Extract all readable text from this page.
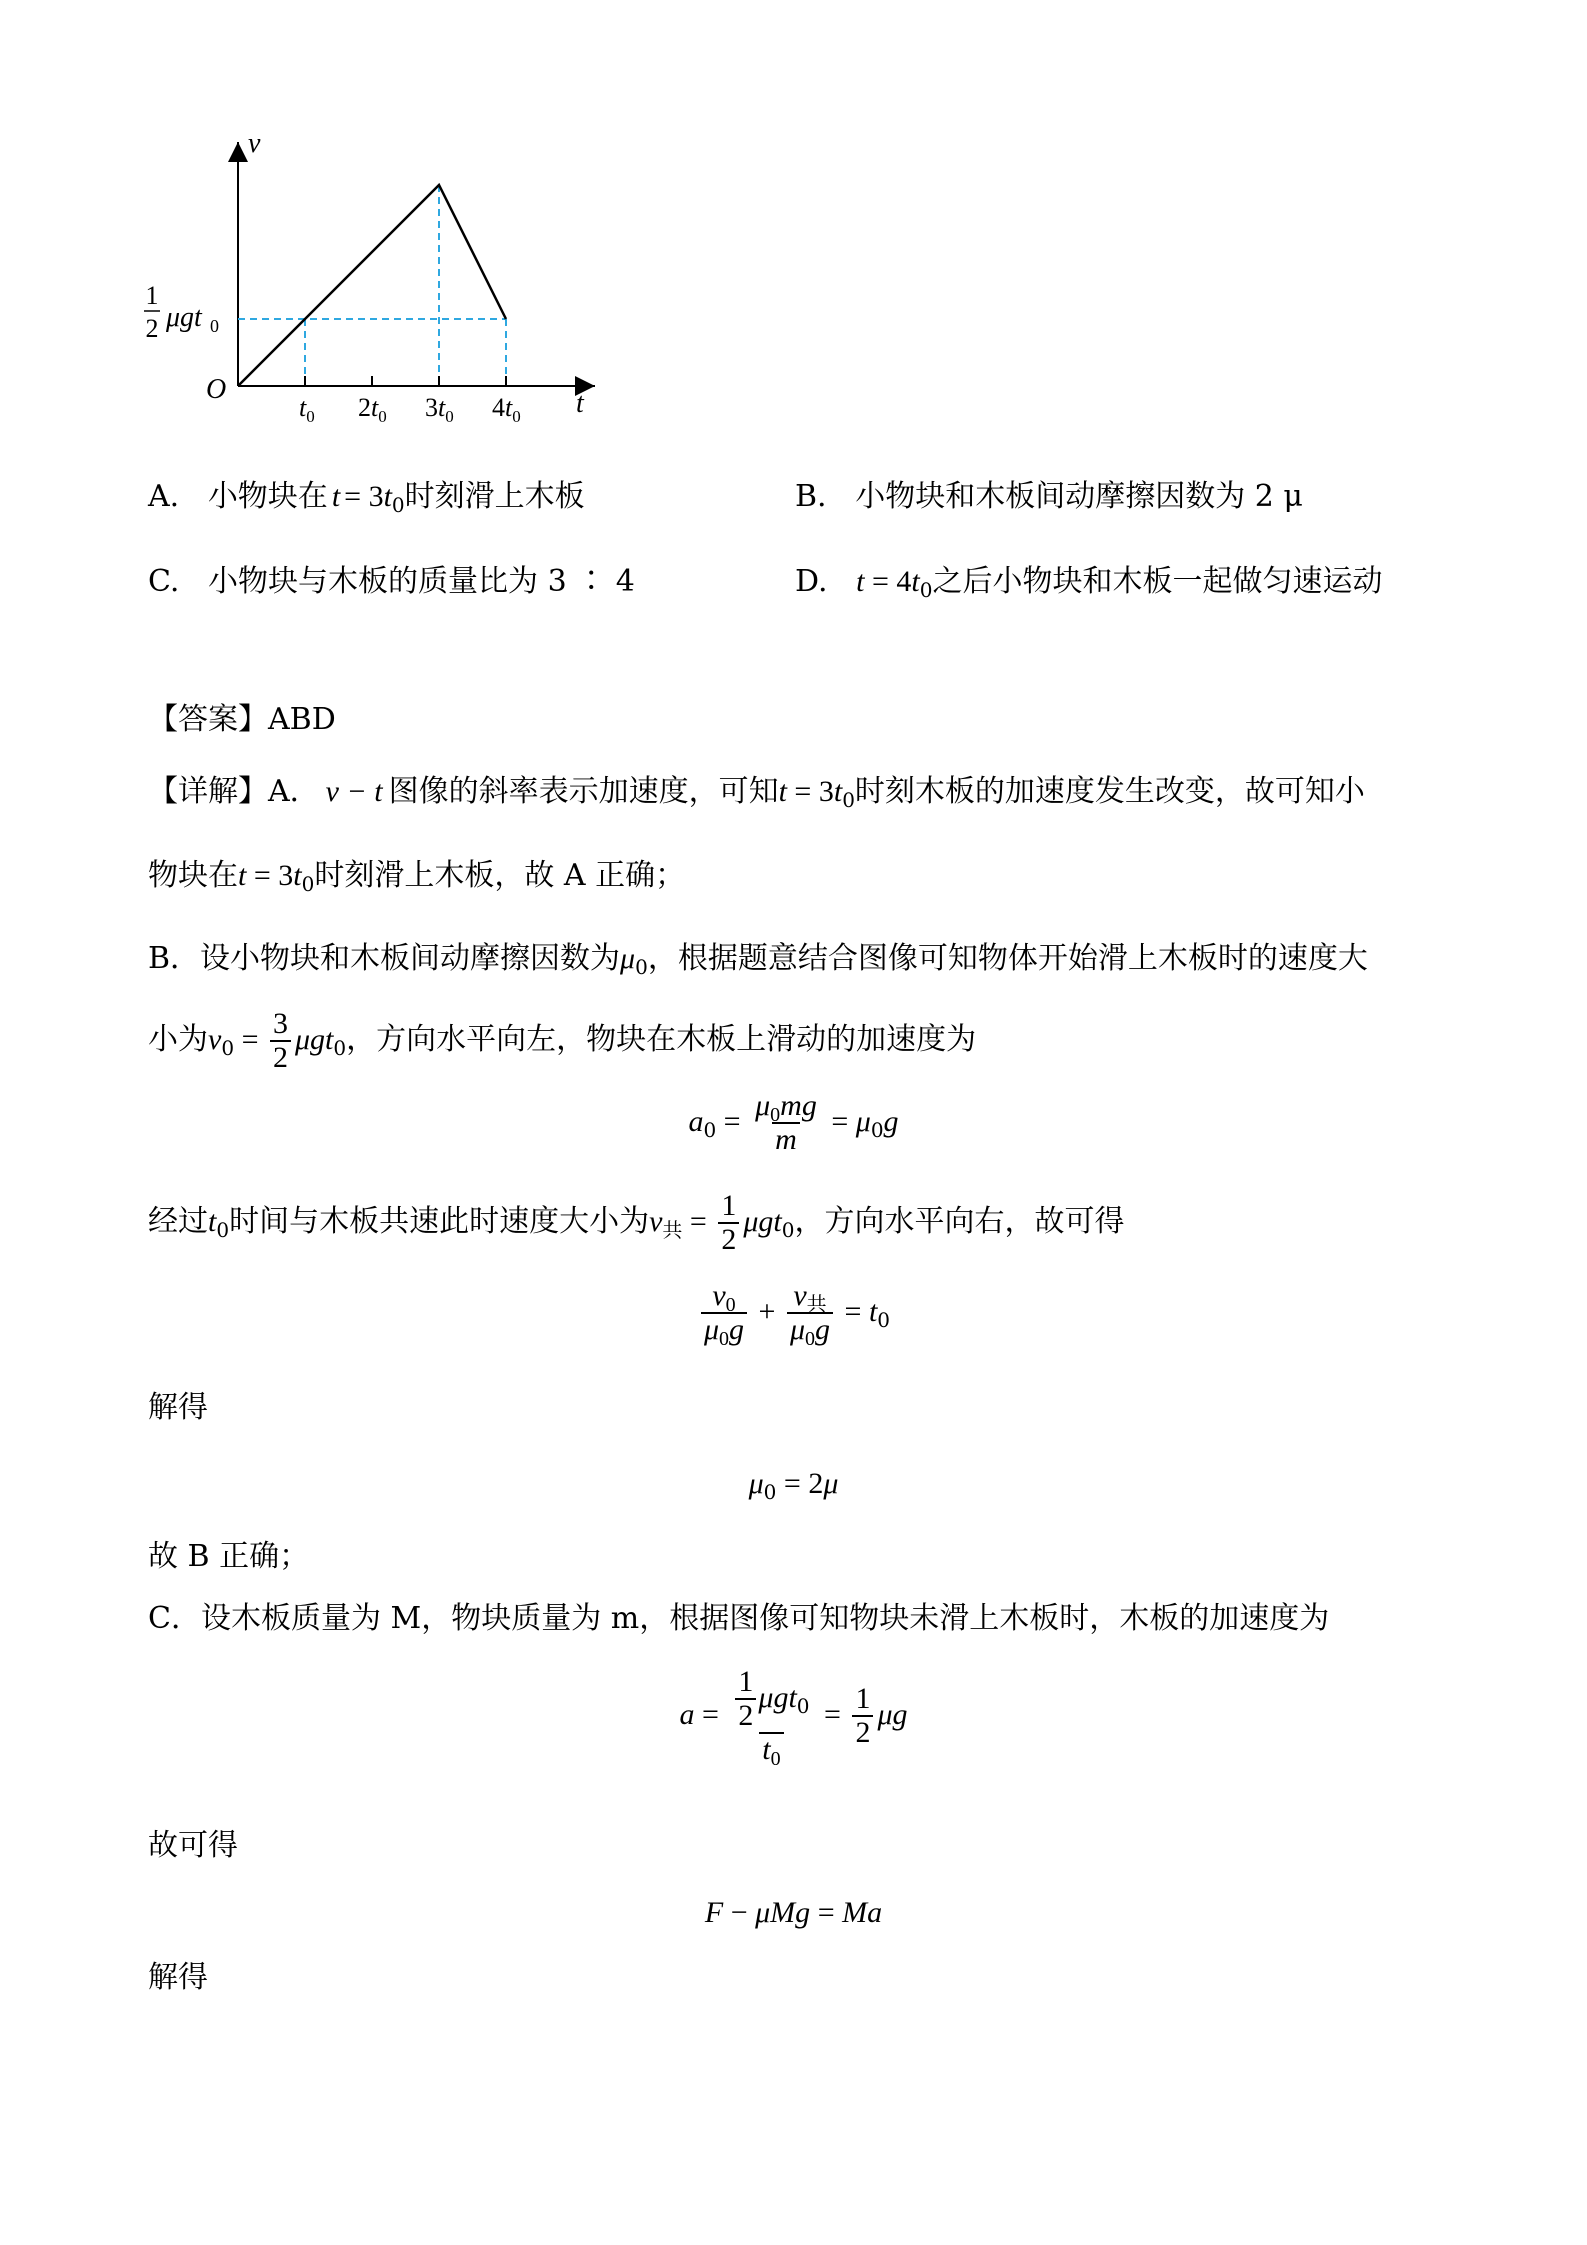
v
t
O
$t_0$ $2t_0$ $3t_0$ $4t_0$
1
2 μgt 0
A. 小物块在 $t = 3t_0$时刻滑上木板	B. 小物块和木板间动摩擦因数为 2 μ
C. 小物块与木板的质量比为 3 ∶ 4	D. $t = 4t_0$之后小物块和木板一起做匀速运动
【答案】ABD
【详解】A． v − t 图像的斜率表示加速度，可知$t = 3t_0$时刻木板的加速度发生改变，故可知小
物块在$t = 3t_0$时刻滑上木板，故 A 正确；
B．设小物块和木板间动摩擦因数为$\mu_0$，根据题意结合图像可知物体开始滑上木板时的速度大
小为$v_0 = \frac{3}{2} \mu gt_0$，方向水平向左，物块在木板上滑动的加速度为
$a_0 = \frac{\mu_0mg}{m} = \mu_0g$
经过$t_0$时间与木板共速此时速度大小为$v_共 = \frac{1}{2} \mu gt_0$，方向水平向右，故可得
$\frac{v_0}{\mu_0g} + \frac{v_共}{\mu_0g} = t_0$
解得
$\mu_0 = 2\mu$
故 B 正确；
C．设木板质量为 M，物块质量为 m，根据图像可知物块未滑上木板时，木板的加速度为
$a = \frac{\frac{1}{2} \mu gt_0}{t_0} = \frac{1}{2}$ μg
故可得
F − μMg = Ma
解得
